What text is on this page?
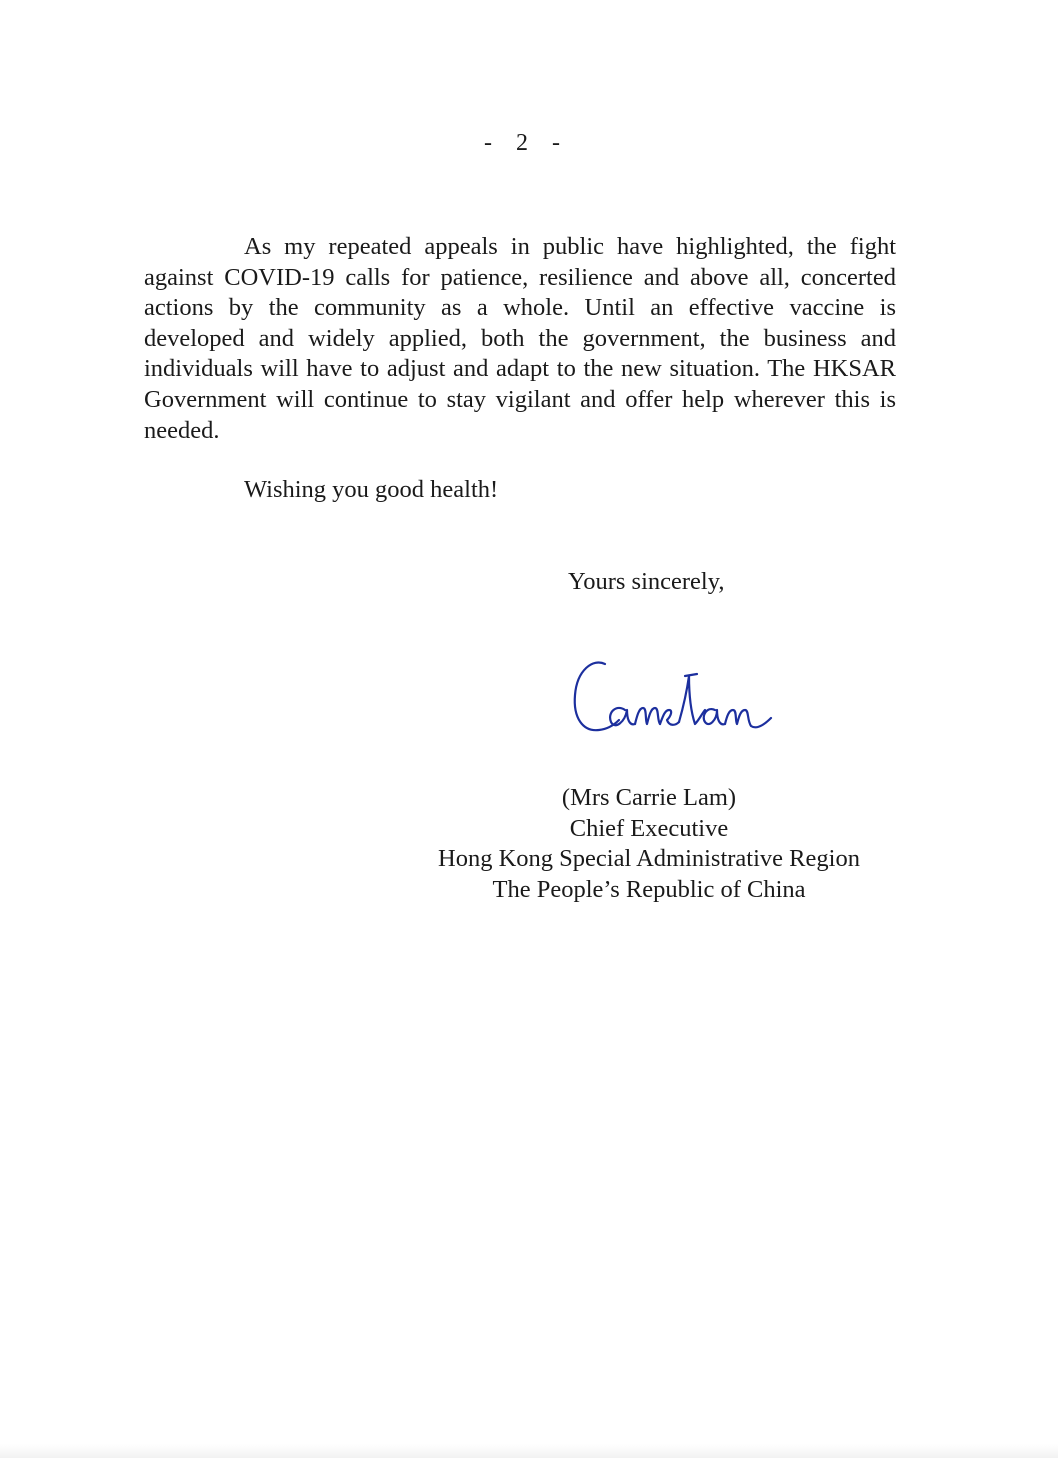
- 2 -

As my repeated appeals in public have highlighted, the fight against COVID-19 calls for patience, resilience and above all, concerted actions by the community as a whole. Until an effective vaccine is developed and widely applied, both the government, the business and individuals will have to adjust and adapt to the new situation. The HKSAR Government will continue to stay vigilant and offer help wherever this is needed.

Wishing you good health!

Yours sincerely,

(Mrs Carrie Lam)
Chief Executive
Hong Kong Special Administrative Region
The People’s Republic of China
